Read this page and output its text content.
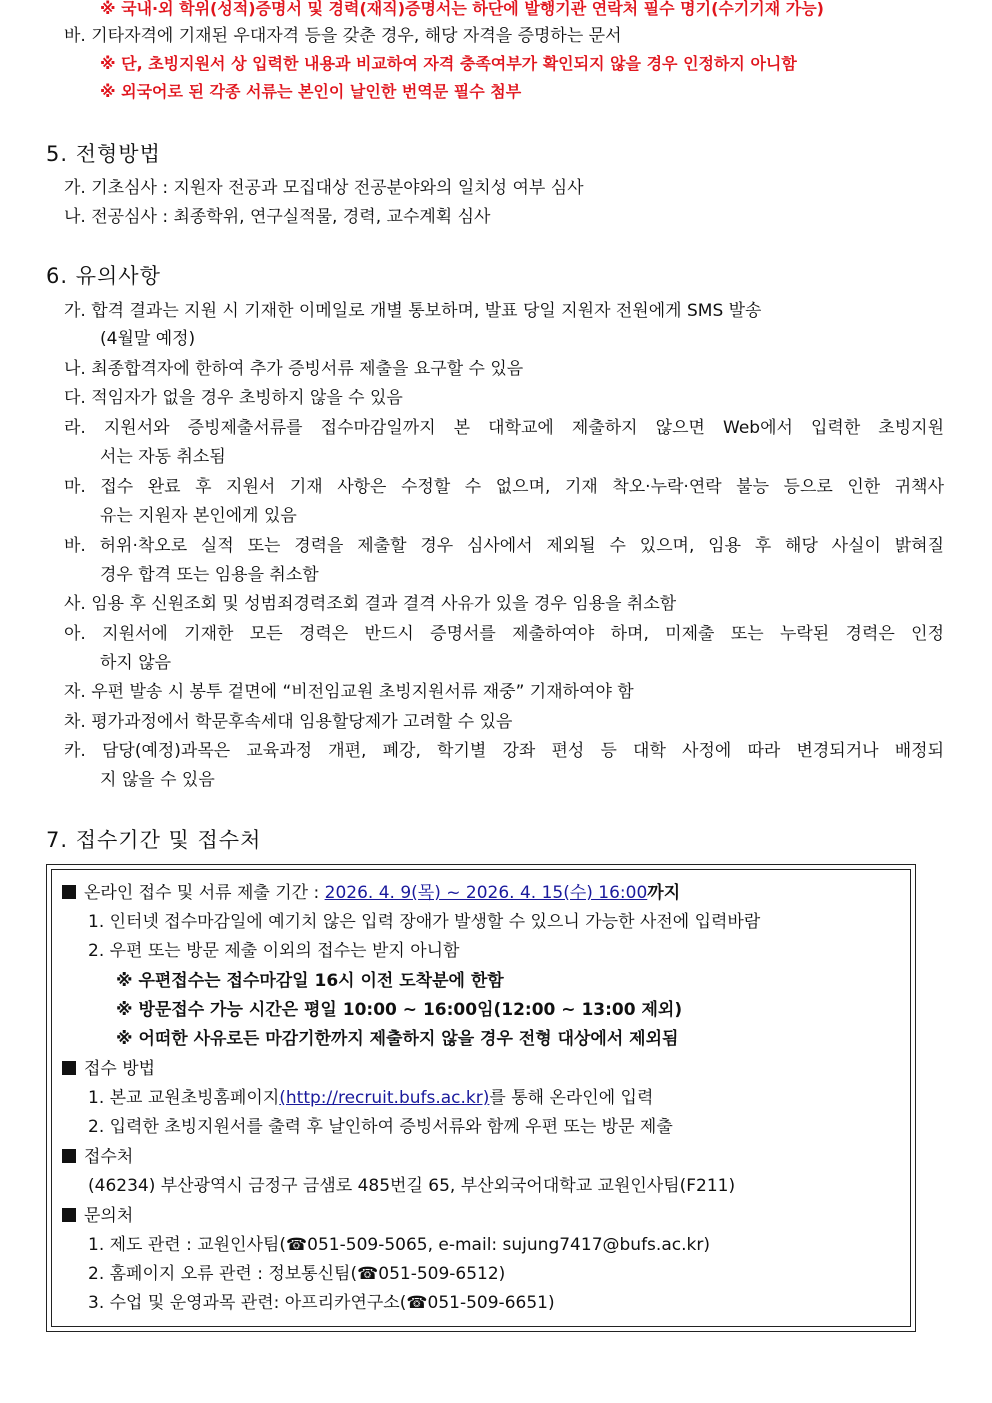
※ 국내·외 학위(성적)증명서 및 경력(재직)증명서는 하단에 발행기관 연락처 필수 명기(수기기재 가능)
바. 기타자격에 기재된 우대자격 등을 갖춘 경우, 해당 자격을 증명하는 문서
※ 단, 초빙지원서 상 입력한 내용과 비교하여 자격 충족여부가 확인되지 않을 경우 인정하지 아니함
※ 외국어로 된 각종 서류는 본인이 날인한 번역문 필수 첨부
5. 전형방법
가. 기초심사 : 지원자 전공과 모집대상 전공분야와의 일치성 여부 심사
나. 전공심사 : 최종학위, 연구실적물, 경력, 교수계획 심사
6. 유의사항
가. 합격 결과는 지원 시 기재한 이메일로 개별 통보하며, 발표 당일 지원자 전원에게 SMS 발송
(4월말 예정)
나. 최종합격자에 한하여 추가 증빙서류 제출을 요구할 수 있음
다. 적임자가 없을 경우 초빙하지 않을 수 있음
라. 지원서와 증빙제출서류를 접수마감일까지 본 대학교에 제출하지 않으면 Web에서 입력한 초빙지원
서는 자동 취소됨
마. 접수 완료 후 지원서 기재 사항은 수정할 수 없으며, 기재 착오·누락·연락 불능 등으로 인한 귀책사
유는 지원자 본인에게 있음
바. 허위·착오로 실적 또는 경력을 제출할 경우 심사에서 제외될 수 있으며, 임용 후 해당 사실이 밝혀질
경우 합격 또는 임용을 취소함
사. 임용 후 신원조회 및 성범죄경력조회 결과 결격 사유가 있을 경우 임용을 취소함
아. 지원서에 기재한 모든 경력은 반드시 증명서를 제출하여야 하며, 미제출 또는 누락된 경력은 인정
하지 않음
자. 우편 발송 시 봉투 겉면에 “비전임교원 초빙지원서류 재중” 기재하여야 함
차. 평가과정에서 학문후속세대 임용할당제가 고려할 수 있음
카. 담당(예정)과목은 교육과정 개편, 폐강, 학기별 강좌 편성 등 대학 사정에 따라 변경되거나 배정되
지 않을 수 있음
7. 접수기간 및 접수처
온라인 접수 및 서류 제출 기간 : 2026. 4. 9(목) ~ 2026. 4. 15(수) 16:00까지
1. 인터넷 접수마감일에 예기치 않은 입력 장애가 발생할 수 있으니 가능한 사전에 입력바람
2. 우편 또는 방문 제출 이외의 접수는 받지 아니함
※ 우편접수는 접수마감일 16시 이전 도착분에 한함
※ 방문접수 가능 시간은 평일 10:00 ~ 16:00임(12:00 ~ 13:00 제외)
※ 어떠한 사유로든 마감기한까지 제출하지 않을 경우 전형 대상에서 제외됨
접수 방법
1. 본교 교원초빙홈페이지(http://recruit.bufs.ac.kr)를 통해 온라인에 입력
2. 입력한 초빙지원서를 출력 후 날인하여 증빙서류와 함께 우편 또는 방문 제출
접수처
(46234) 부산광역시 금정구 금샘로 485번길 65, 부산외국어대학교 교원인사팀(F211)
문의처
1. 제도 관련 : 교원인사팀(☎051-509-5065, e-mail: sujung7417@bufs.ac.kr)
2. 홈페이지 오류 관련 : 정보통신팀(☎051-509-6512)
3. 수업 및 운영과목 관련: 아프리카연구소(☎051-509-6651)
